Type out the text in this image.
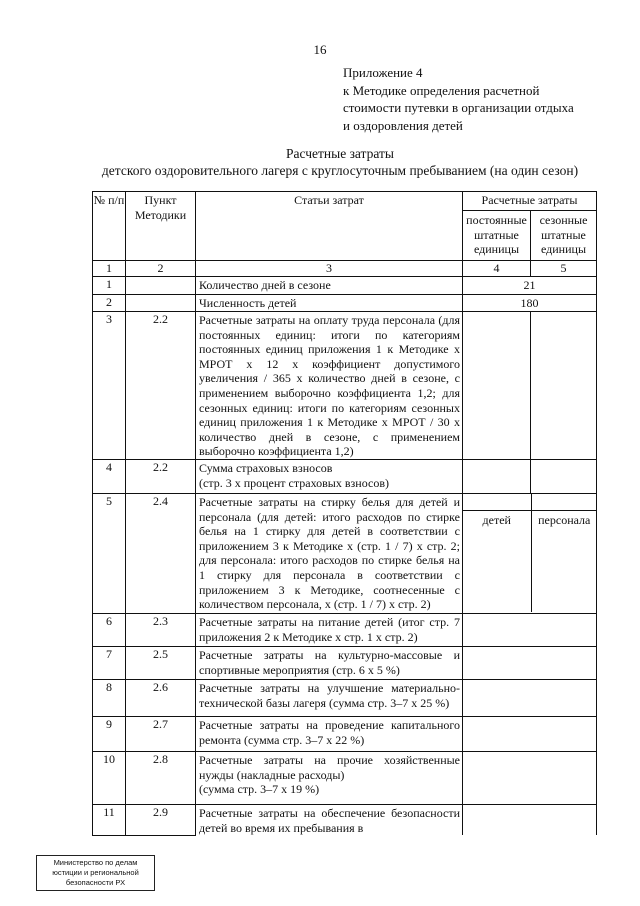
16
Приложение 4
к Методике определения расчетной
стоимости путевки в организации отдыха
и оздоровления детей
Расчетные затраты
детского оздоровительного лагеря с круглосуточным пребыванием (на один сезон)
№ п/п	Пункт Методики	Статьи затрат	Расчетные затраты
постоянные штатные единицы	сезонные штатные единицы
1	2	3	4	5
1		Количество дней в сезоне	21
2		Численность детей	180
3	2.2	Расчетные затраты на оплату труда персонала (для постоянных единиц: итоги по категориям постоянных единиц приложения 1 к Методике х МРОТ х 12 х коэффициент допустимого увеличения / 365 х количество дней в сезоне, с применением выборочно коэффициента 1,2; для сезонных единиц: итоги по категориям сезонных единиц приложения 1 к Методике х МРОТ / 30 х количество дней в сезоне, с применением выборочно коэффициента 1,2)		
4	2.2	Сумма страховых взносов
(стр. 3 х процент страховых взносов)

5	2.4	Расчетные затраты на стирку белья для детей и персонала (для детей: итого расходов по стирке белья на 1 стирку для детей в соответствии с приложением 3 к Методике х (стр. 1 / 7) х стр. 2; для персонала: итого расходов по стирке белья на 1 стирку для персонала в соответствии с приложением 3 к Методике, соотнесенные с количеством персонала, х (стр. 1 / 7) х стр. 2)	

детей	персонала

6	2.3	Расчетные затраты на питание детей (итог стр. 7 приложения 2 к Методике х стр. 1 х стр. 2)	
7	2.5	Расчетные затраты на культурно-массовые и спортивные мероприятия (стр. 6 х 5 %)	
8	2.6	Расчетные затраты на улучшение материально-технической базы лагеря (сумма стр. 3–7 х 25 %)	
9	2.7	Расчетные затраты на проведение капитального ремонта (сумма стр. 3–7 х 22 %)	
10	2.8	Расчетные затраты на прочие хозяйственные нужды (накладные расходы)
(сумма стр. 3–7 х 19 %)

11	2.9	Расчетные затраты на обеспечение безопасности детей во время их пребывания в	
Министерство по делам
юстиции и региональной
безопасности РХ
